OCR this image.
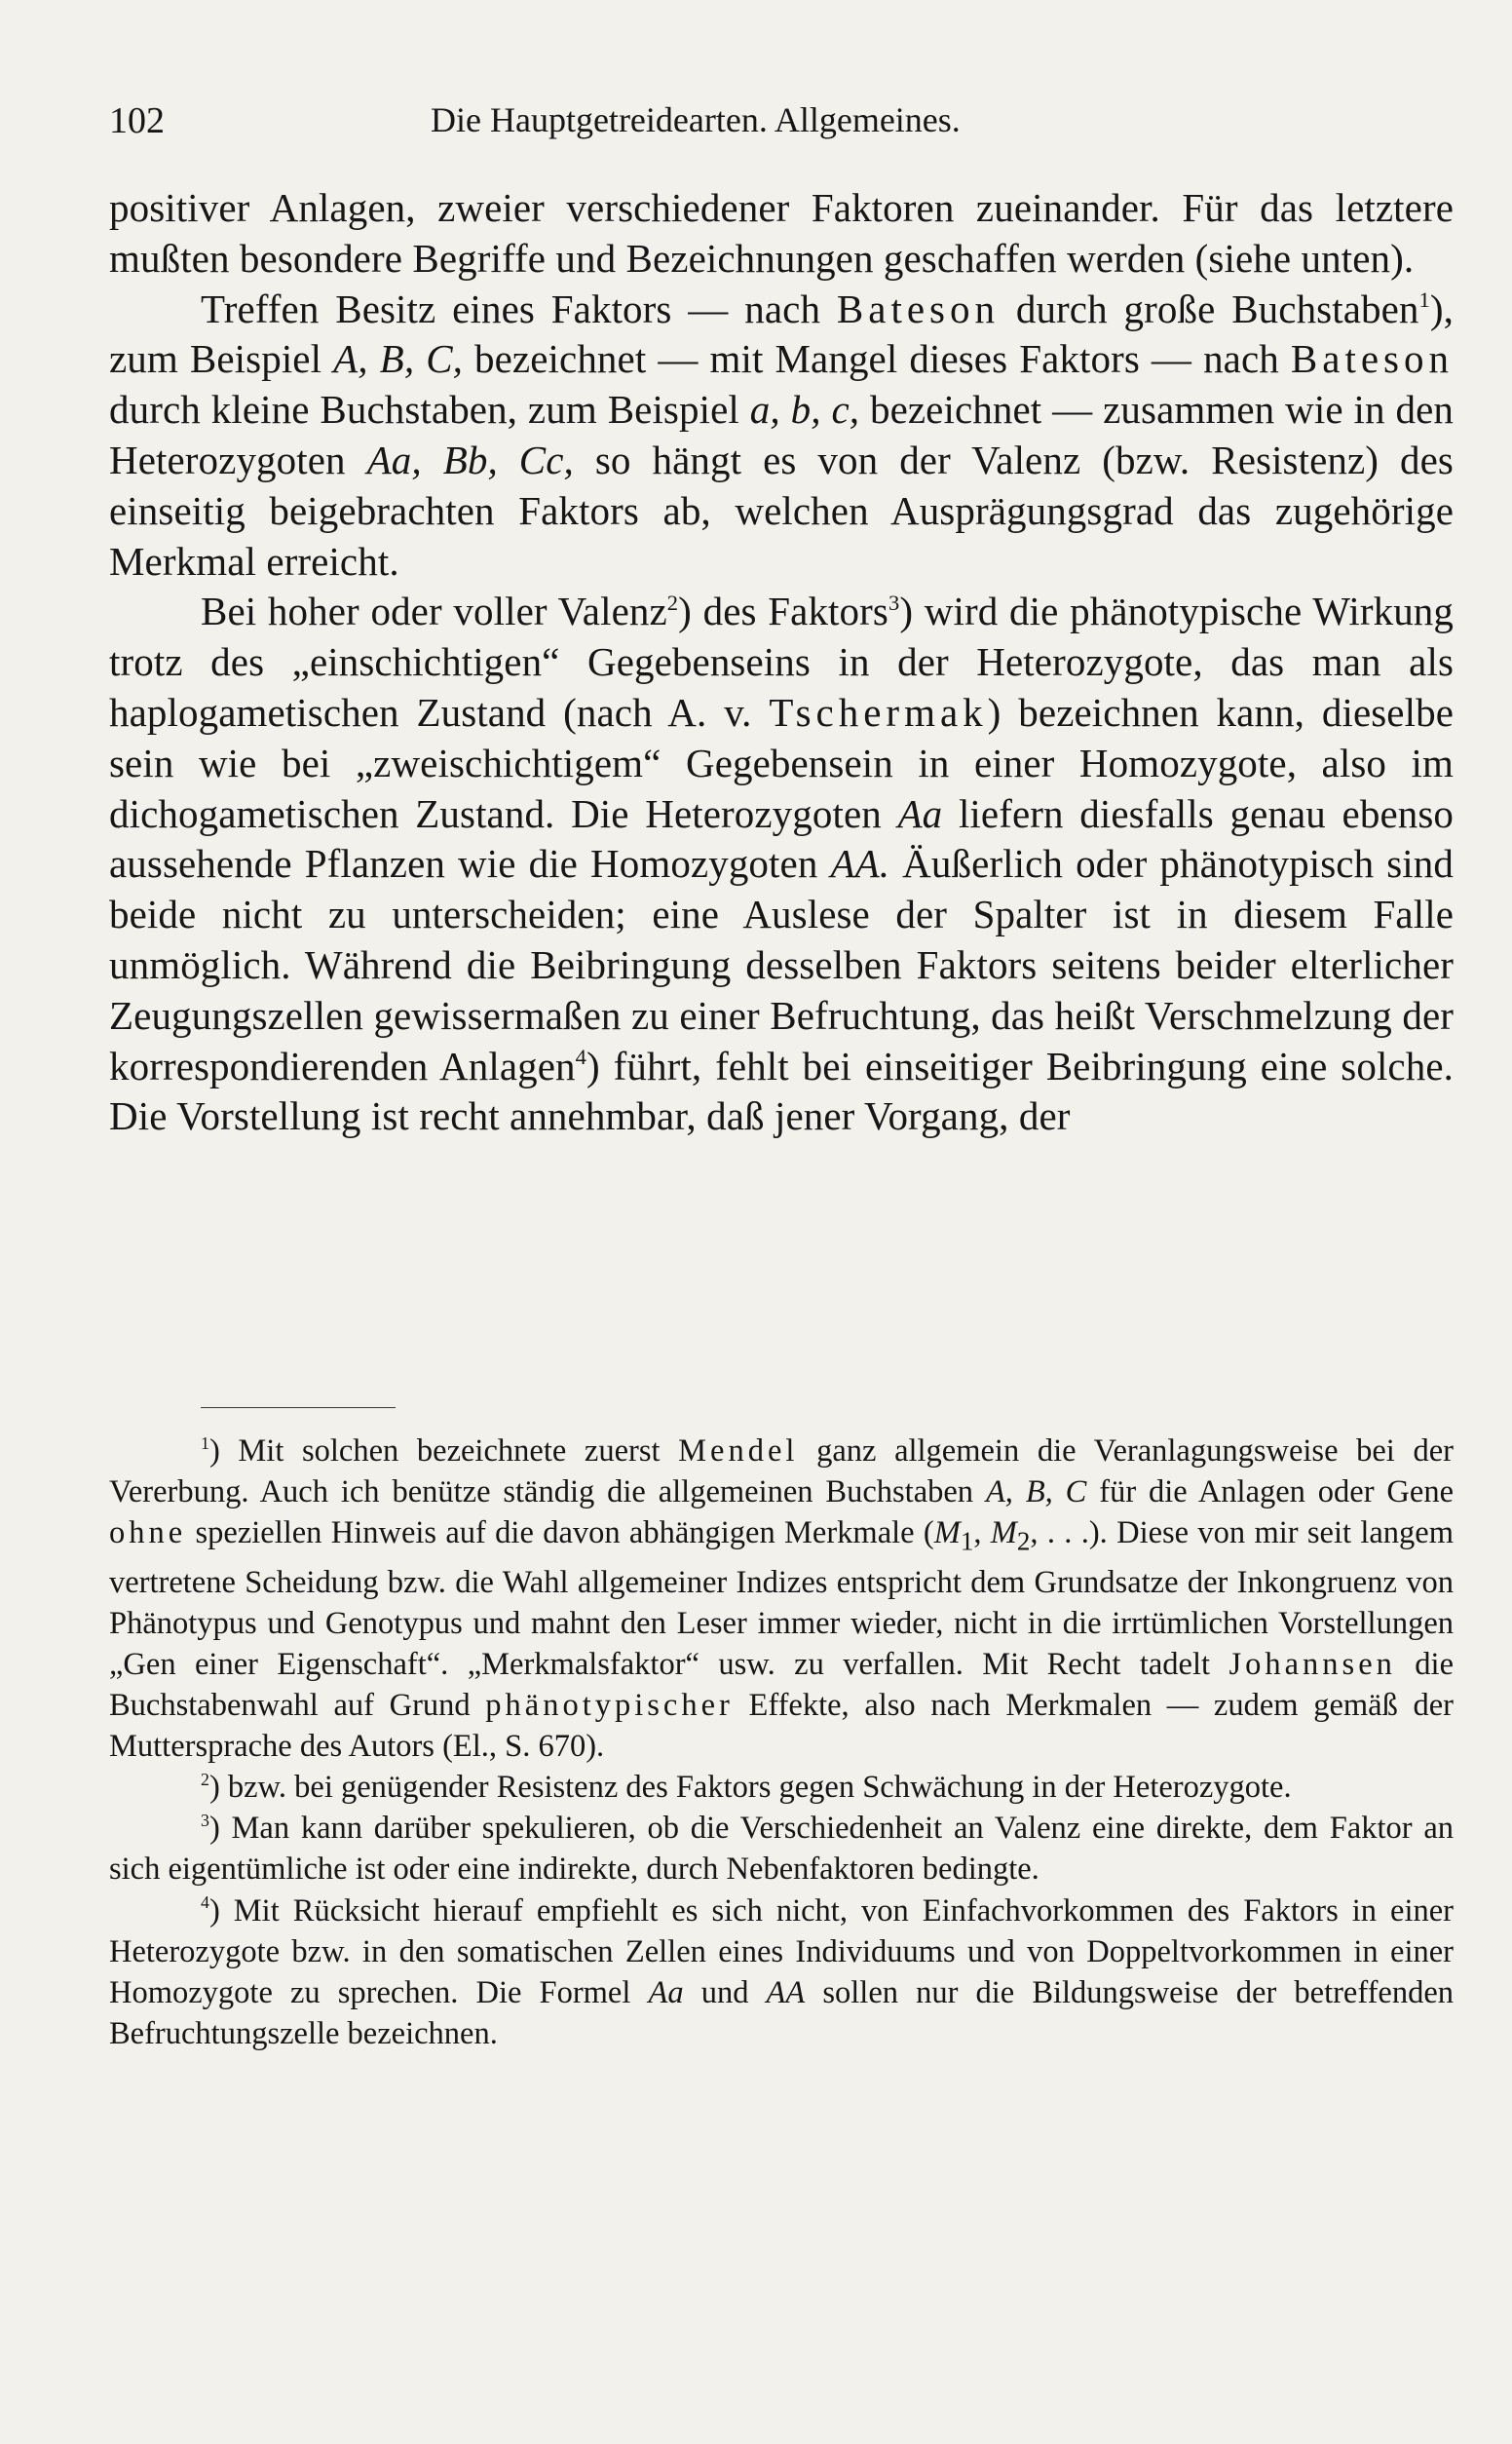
102	Die Hauptgetreidearten. Allgemeines.

positiver Anlagen, zweier verschiedener Faktoren zueinander. Für das letztere mußten besondere Begriffe und Bezeichnungen geschaffen werden (siehe unten).

Treffen Besitz eines Faktors — nach Bateson durch große Buchstaben$^1$), zum Beispiel A, B, C, bezeichnet — mit Mangel dieses Faktors — nach Bateson durch kleine Buchstaben, zum Beispiel a, b, c, bezeichnet — zusammen wie in den Heterozygoten Aa, Bb, Cc, so hängt es von der Valenz (bzw. Resistenz) des einseitig beigebrachten Faktors ab, welchen Ausprägungsgrad das zugehörige Merkmal erreicht.

Bei hoher oder voller Valenz$^2$) des Faktors$^3$) wird die phänotypische Wirkung trotz des „einschichtigen“ Gegebenseins in der Heterozygote, das man als haplogametischen Zustand (nach A. v. Tschermak) bezeichnen kann, dieselbe sein wie bei „zweischichtigem“ Gegebensein in einer Homozygote, also im dichogametischen Zustand. Die Heterozygoten Aa liefern diesfalls genau ebenso aussehende Pflanzen wie die Homozygoten AA. Äußerlich oder phänotypisch sind beide nicht zu unterscheiden; eine Auslese der Spalter ist in diesem Falle unmöglich. Während die Beibringung desselben Faktors seitens beider elterlicher Zeugungszellen gewissermaßen zu einer Befruchtung, das heißt Verschmelzung der korrespondierenden Anlagen$^4$) führt, fehlt bei einseitiger Beibringung eine solche. Die Vorstellung ist recht annehmbar, daß jener Vorgang, der

$^1$) Mit solchen bezeichnete zuerst Mendel ganz allgemein die Veranlagungsweise bei der Vererbung. Auch ich benütze ständig die allgemeinen Buchstaben A, B, C für die Anlagen oder Gene ohne speziellen Hinweis auf die davon abhängigen Merkmale ($M_1$, $M_2$, . . .). Diese von mir seit langem vertretene Scheidung bzw. die Wahl allgemeiner Indizes entspricht dem Grundsatze der Inkongruenz von Phänotypus und Genotypus und mahnt den Leser immer wieder, nicht in die irrtümlichen Vorstellungen „Gen einer Eigenschaft“. „Merkmalsfaktor“ usw. zu verfallen. Mit Recht tadelt Johannsen die Buchstabenwahl auf Grund phänotypischer Effekte, also nach Merkmalen — zudem gemäß der Muttersprache des Autors (El., S. 670).

$^2$) bzw. bei genügender Resistenz des Faktors gegen Schwächung in der Heterozygote.

$^3$) Man kann darüber spekulieren, ob die Verschiedenheit an Valenz eine direkte, dem Faktor an sich eigentümliche ist oder eine indirekte, durch Nebenfaktoren bedingte.

$^4$) Mit Rücksicht hierauf empfiehlt es sich nicht, von Einfachvorkommen des Faktors in einer Heterozygote bzw. in den somatischen Zellen eines Individuums und von Doppeltvorkommen in einer Homozygote zu sprechen. Die Formel Aa und AA sollen nur die Bildungsweise der betreffenden Befruchtungszelle bezeichnen.
